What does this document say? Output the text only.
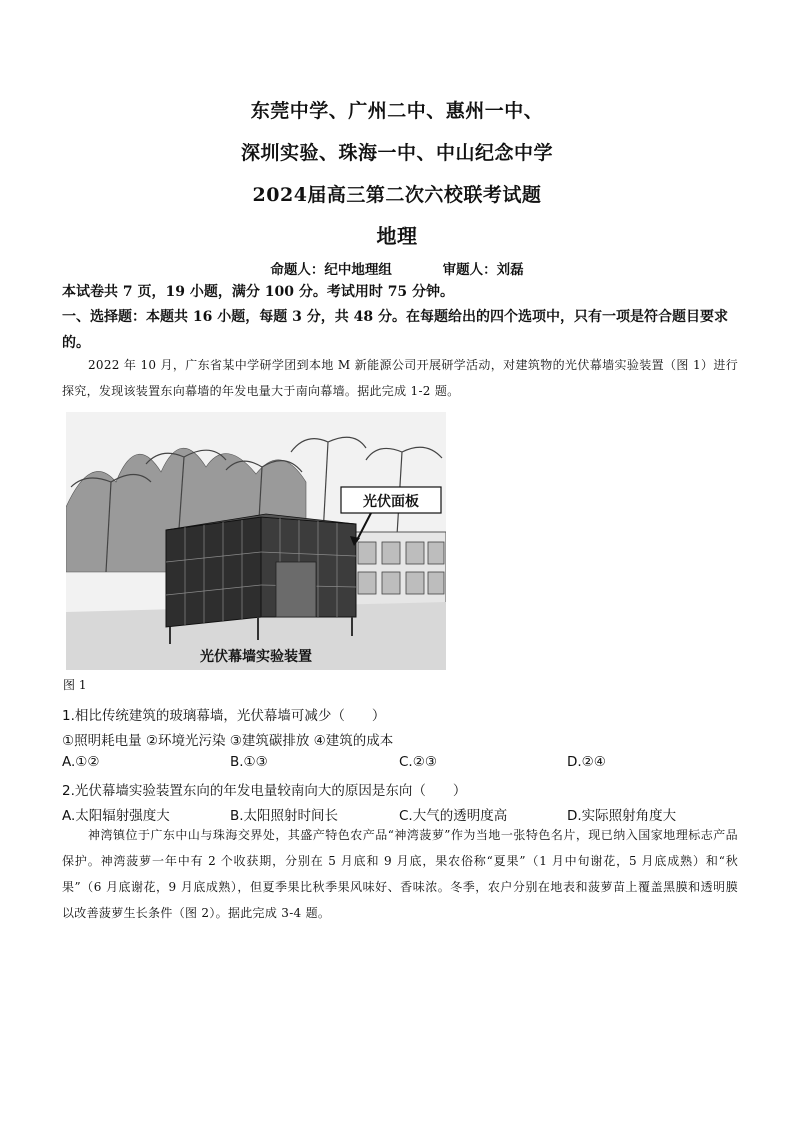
东莞中学、广州二中、惠州一中、
深圳实验、珠海一中、中山纪念中学
2024届高三第二次六校联考试题
地理
命题人：纪中地理组	审题人：刘磊
本试卷共 7 页，19 小题，满分 100 分。考试用时 75 分钟。
一、选择题：本题共 16 小题，每题 3 分，共 48 分。在每题给出的四个选项中，只有一项是符合题目要求的。
2022 年 10 月，广东省某中学研学团到本地 M 新能源公司开展研学活动，对建筑物的光伏幕墙实验装置（图 1）进行探究，发现该装置东向幕墙的年发电量大于南向幕墙。据此完成 1-2 题。
光伏面板
光伏幕墙实验装置
图 1
1.相比传统建筑的玻璃幕墙，光伏幕墙可减少（　　）
①照明耗电量 ②环境光污染 ③建筑碳排放 ④建筑的成本
A.①②	B.①③	C.②③	D.②④
2.光伏幕墙实验装置东向的年发电量较南向大的原因是东向（　　）
A.太阳辐射强度大	B.太阳照射时间长	C.大气的透明度高	D.实际照射角度大
神湾镇位于广东中山与珠海交界处，其盛产特色农产品“神湾菠萝”作为当地一张特色名片，现已纳入国家地理标志产品保护。神湾菠萝一年中有 2 个收获期，分别在 5 月底和 9 月底，果农俗称“夏果”（1 月中旬谢花，5 月底成熟）和“秋果”（6 月底谢花，9 月底成熟），但夏季果比秋季果风味好、香味浓。冬季，农户分别在地表和菠萝苗上覆盖黑膜和透明膜以改善菠萝生长条件（图 2）。据此完成 3-4 题。
